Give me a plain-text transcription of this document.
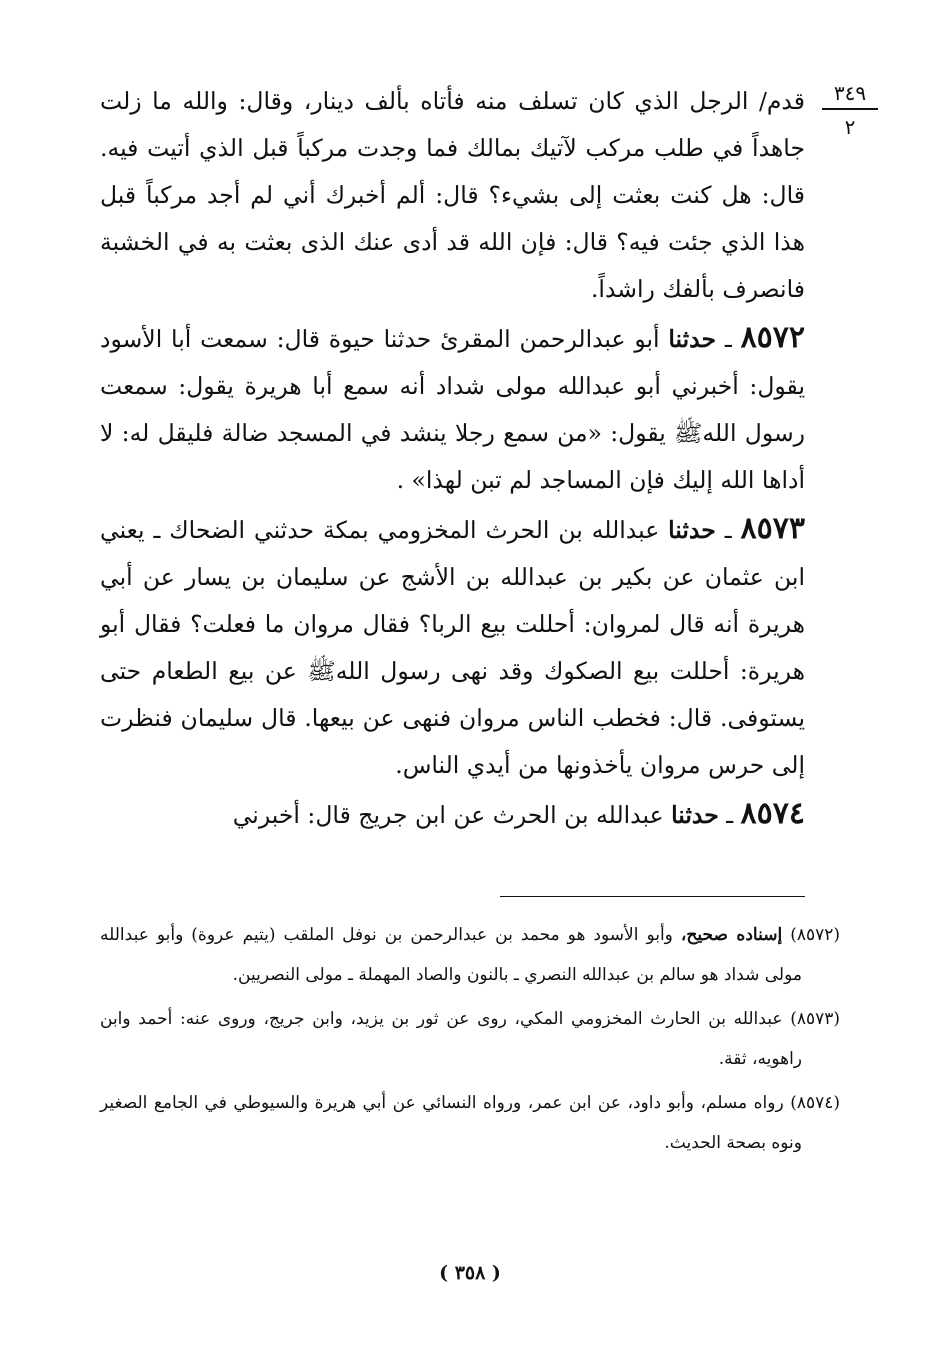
٣٤٩
٢

قدم/ الرجل الذي كان تسلف منه فأتاه بألف دينار، وقال: والله ما زلت جاهداً في طلب مركب لآتيك بمالك فما وجدت مركباً قبل الذي أتيت فيه. قال: هل كنت بعثت إلى بشيء؟ قال: ألم أخبرك أني لم أجد مركباً قبل هذا الذي جئت فيه؟ قال: فإن الله قد أدى عنك الذى بعثت به في الخشبة فانصرف بألفك راشداً.

٨٥٧٢ ـ حدثنا أبو عبدالرحمن المقرئ حدثنا حيوة قال: سمعت أبا الأسود يقول: أخبرني أبو عبدالله مولى شداد أنه سمع أبا هريرة يقول: سمعت رسول اللهﷺ يقول: «من سمع رجلا ينشد في المسجد ضالة فليقل له: لا أداها الله إليك فإن المساجد لم تبن لهذا» .

٨٥٧٣ ـ حدثنا عبدالله بن الحرث المخزومي بمكة حدثني الضحاك ـ يعني ابن عثمان عن بكير بن عبدالله بن الأشج عن سليمان بن يسار عن أبي هريرة أنه قال لمروان: أحللت بيع الربا؟ فقال مروان ما فعلت؟ فقال أبو هريرة: أحللت بيع الصكوك وقد نهى رسول اللهﷺ عن بيع الطعام حتى يستوفى. قال: فخطب الناس مروان فنهى عن بيعها. قال سليمان فنظرت إلى حرس مروان يأخذونها من أيدي الناس.

٨٥٧٤ ـ حدثنا عبدالله بن الحرث عن ابن جريج قال: أخبرني

(٨٥٧٢) إسناده صحيح، وأبو الأسود هو محمد بن عبدالرحمن بن نوفل الملقب (يتيم عروة) وأبو عبدالله مولى شداد هو سالم بن عبدالله النصري ـ بالنون والصاد المهملة ـ مولى النصريين.

(٨٥٧٣) عبدالله بن الحارث المخزومي المكي، روى عن ثور بن يزيد، وابن جريج، وروى عنه: أحمد وابن راهويه، ثقة.

(٨٥٧٤) رواه مسلم، وأبو داود، عن ابن عمر، ورواه النسائي عن أبي هريرة والسيوطي في الجامع الصغير ونوه بصحة الحديث.

( ٣٥٨ )
